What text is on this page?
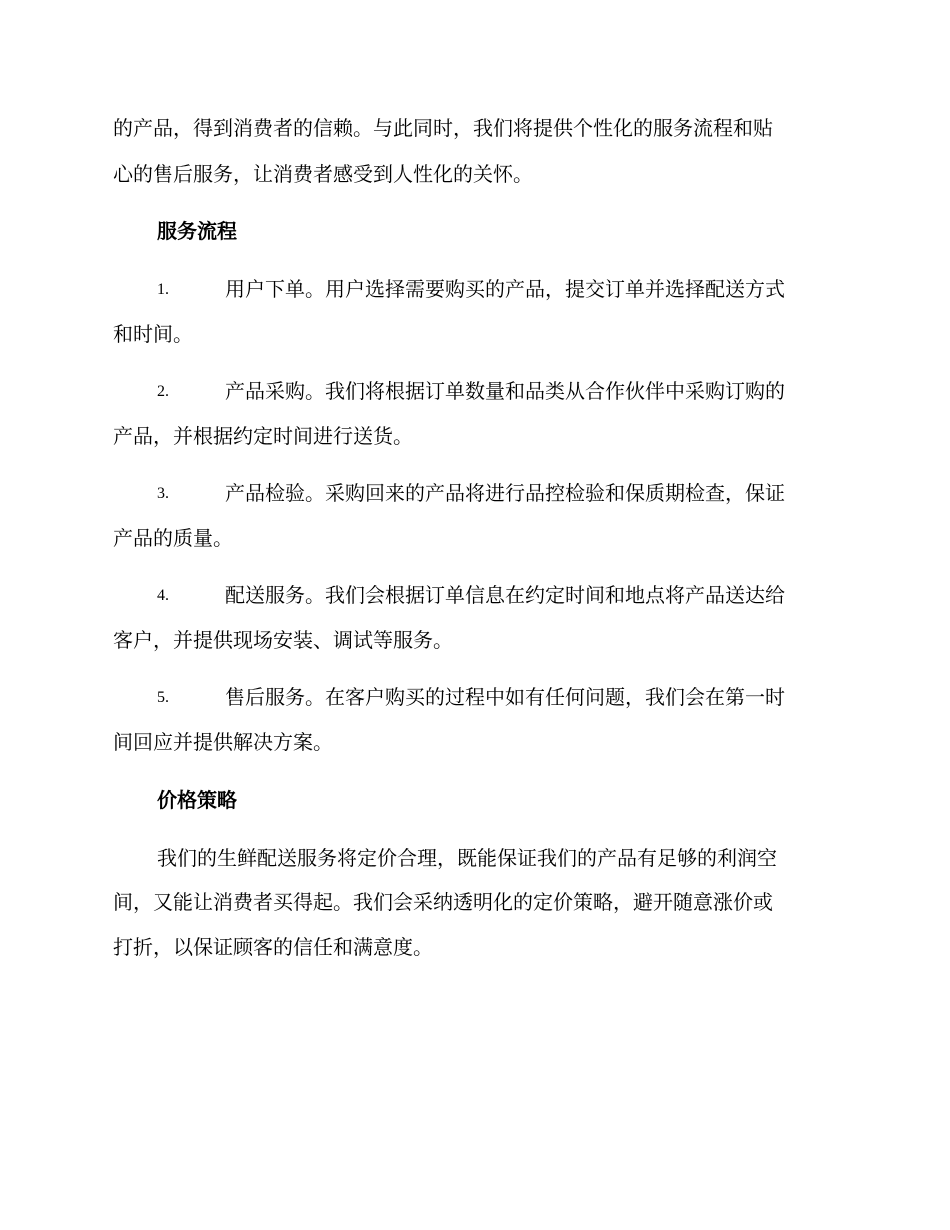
的产品，得到消费者的信赖。与此同时，我们将提供个性化的服务流程和贴
心的售后服务，让消费者感受到人性化的关怀。
服务流程
1.	用户下单。用户选择需要购买的产品，提交订单并选择配送方式
和时间。
2.	产品采购。我们将根据订单数量和品类从合作伙伴中采购订购的
产品，并根据约定时间进行送货。
3.	产品检验。采购回来的产品将进行品控检验和保质期检查，保证
产品的质量。
4.	配送服务。我们会根据订单信息在约定时间和地点将产品送达给
客户，并提供现场安装、调试等服务。
5.	售后服务。在客户购买的过程中如有任何问题，我们会在第一时
间回应并提供解决方案。
价格策略
我们的生鲜配送服务将定价合理，既能保证我们的产品有足够的利润空
间，又能让消费者买得起。我们会采纳透明化的定价策略，避开随意涨价或
打折，以保证顾客的信任和满意度。
